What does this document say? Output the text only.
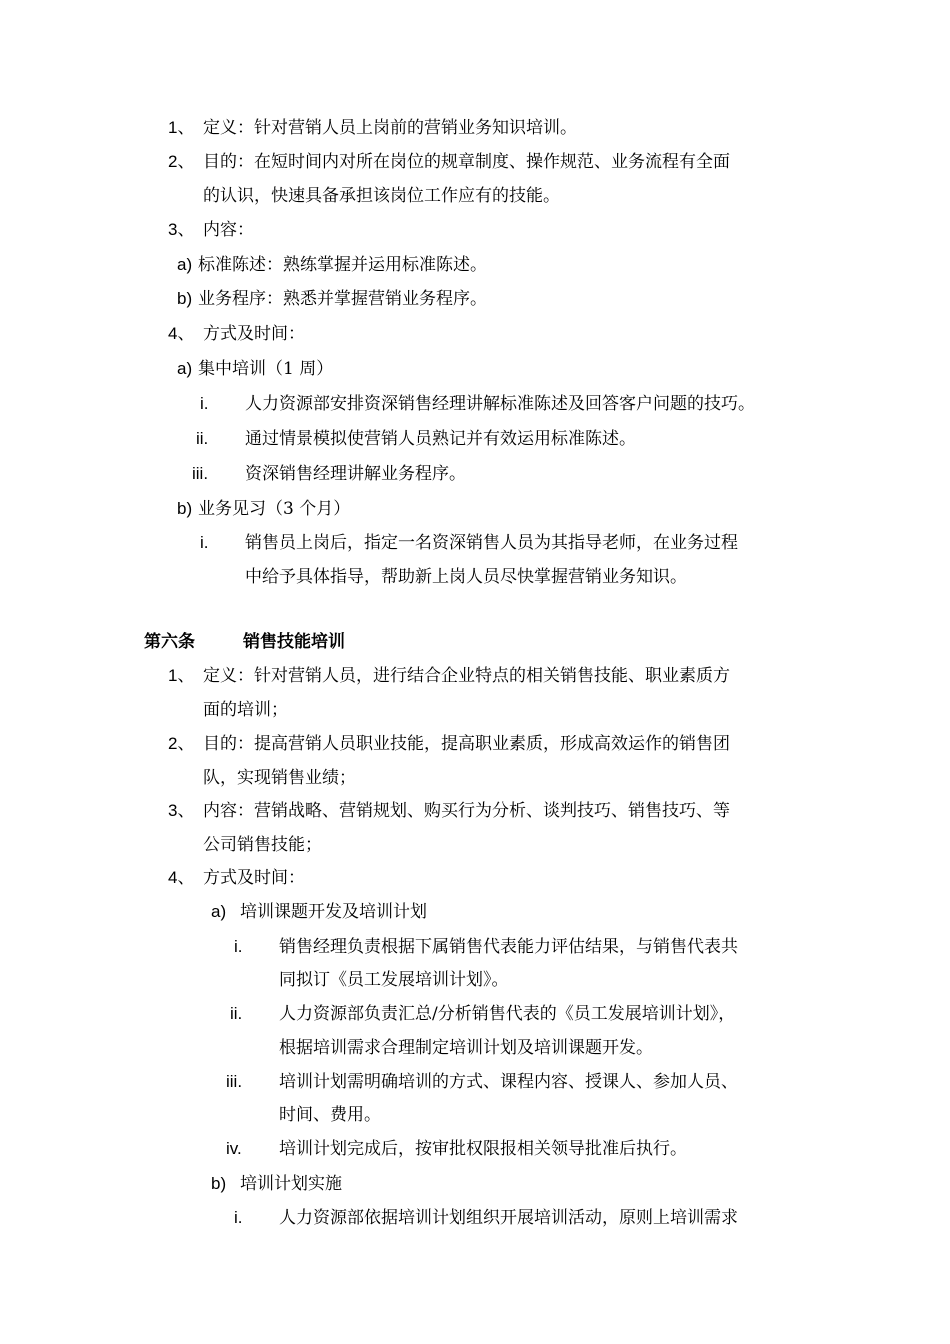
1、 定义：针对营销人员上岗前的营销业务知识培训。
2、 目的：在短时间内对所在岗位的规章制度、操作规范、业务流程有全面
的认识，快速具备承担该岗位工作应有的技能。
3、 内容：
a) 标准陈述：熟练掌握并运用标准陈述。
b) 业务程序：熟悉并掌握营销业务程序。
4、 方式及时间：
a) 集中培训（1 周）
i. 人力资源部安排资深销售经理讲解标准陈述及回答客户问题的技巧。
ii. 通过情景模拟使营销人员熟记并有效运用标准陈述。
iii. 资深销售经理讲解业务程序。
b) 业务见习（3 个月）
i. 销售员上岗后，指定一名资深销售人员为其指导老师，在业务过程
中给予具体指导，帮助新上岗人员尽快掌握营销业务知识。
第六条	销售技能培训
1、 定义：针对营销人员，进行结合企业特点的相关销售技能、职业素质方
面的培训；
2、 目的：提高营销人员职业技能，提高职业素质，形成高效运作的销售团
队，实现销售业绩；
3、 内容：营销战略、营销规划、购买行为分析、谈判技巧、销售技巧、等
公司销售技能；
4、 方式及时间：
a) 培训课题开发及培训计划
i. 销售经理负责根据下属销售代表能力评估结果，与销售代表共
同拟订《员工发展培训计划》。
ii. 人力资源部负责汇总/分析销售代表的《员工发展培训计划》，
根据培训需求合理制定培训计划及培训课题开发。
iii. 培训计划需明确培训的方式、课程内容、授课人、参加人员、
时间、费用。
iv. 培训计划完成后，按审批权限报相关领导批准后执行。
b) 培训计划实施
i. 人力资源部依据培训计划组织开展培训活动，原则上培训需求
